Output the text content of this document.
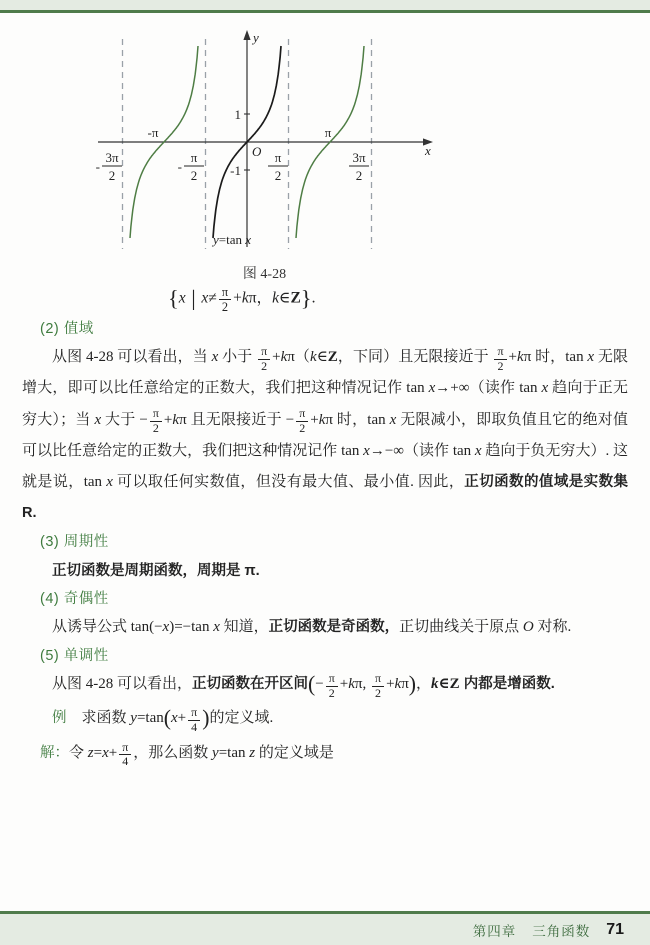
y
x
1
-1
-π	π
O
y=tan x
3π
2
-
π
2
-
π
2
3π
2
图 4-28
{x | $x\ne \frac{\pi}{2} +k\pi$，k∈Z}.
(2) 值域
从图 4-28 可以看出，当 x 小于 $\frac{\pi}{2}$ +kπ（k∈Z，下同）且无限接近于 $\frac{\pi}{2} +k\pi$ 时，tan x 无限增大，即可以比任意给定的正数大，我们把这种情况记作 tan x→+∞（读作 tan x 趋向于正无穷大）；当 x 大于 − $\frac{\pi}{2} +k\pi$ 且无限接近于 − $\frac{\pi}{2} +k\pi$ 时，tan x 无限减小，即取负值且它的绝对值可以比任意给定的正数大，我们把这种情况记作 tan x→−∞（读作 tan x 趋向于负无穷大）. 这就是说，tan x 可以取任何实数值，但没有最大值、最小值. 因此，正切函数的值域是实数集 R.
(3) 周期性
正切函数是周期函数，周期是 π.
(4) 奇偶性
从诱导公式 tan(−x)=−tan x 知道，正切函数是奇函数，正切曲线关于原点 O 对称.
(5) 单调性
从图 4-28 可以看出，正切函数在开区间(− $\frac{\pi}{2} +k\pi$, $\frac{\pi}{2} +k\pi$)，k∈Z 内都是增函数.
例　求函数 $y=\tan(x+ \frac{\pi}{4}$ )的定义域.
解：令 $z=x+ \frac{\pi}{4}$ ，那么函数 y=tan z 的定义域是
第四章 三角函数 71
